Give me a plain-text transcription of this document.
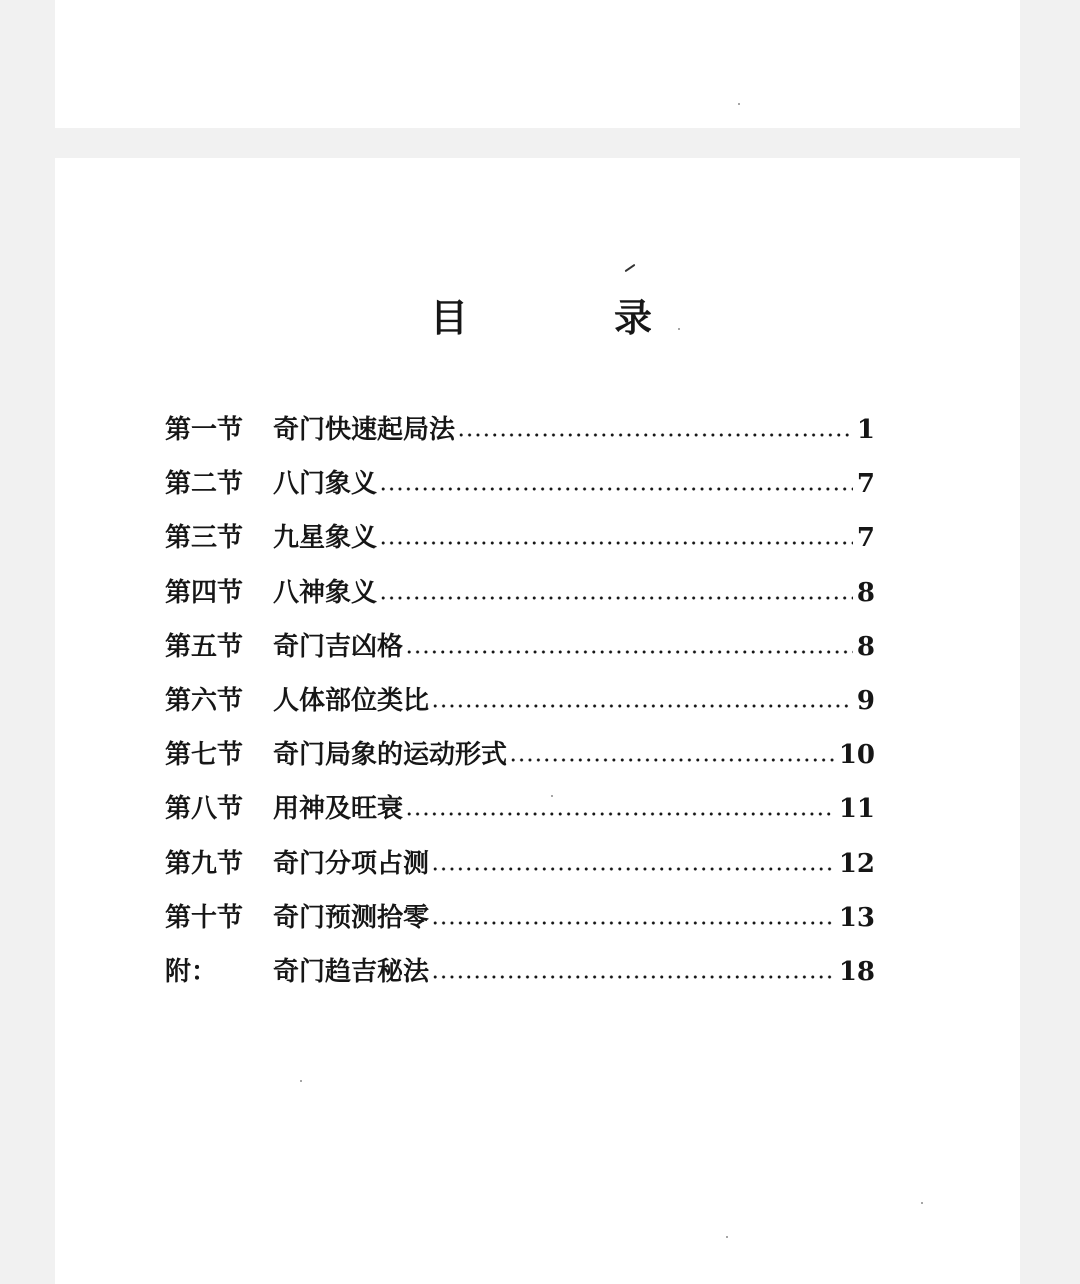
目	录
第一节	奇门快速起局法	1
第二节	八门象义	7
第三节	九星象义	7
第四节	八神象义	8
第五节	奇门吉凶格	8
第六节	人体部位类比	9
第七节	奇门局象的运动形式	10
第八节	用神及旺衰	11
第九节	奇门分项占测	12
第十节	奇门预测拾零	13
附：	奇门趋吉秘法	18
